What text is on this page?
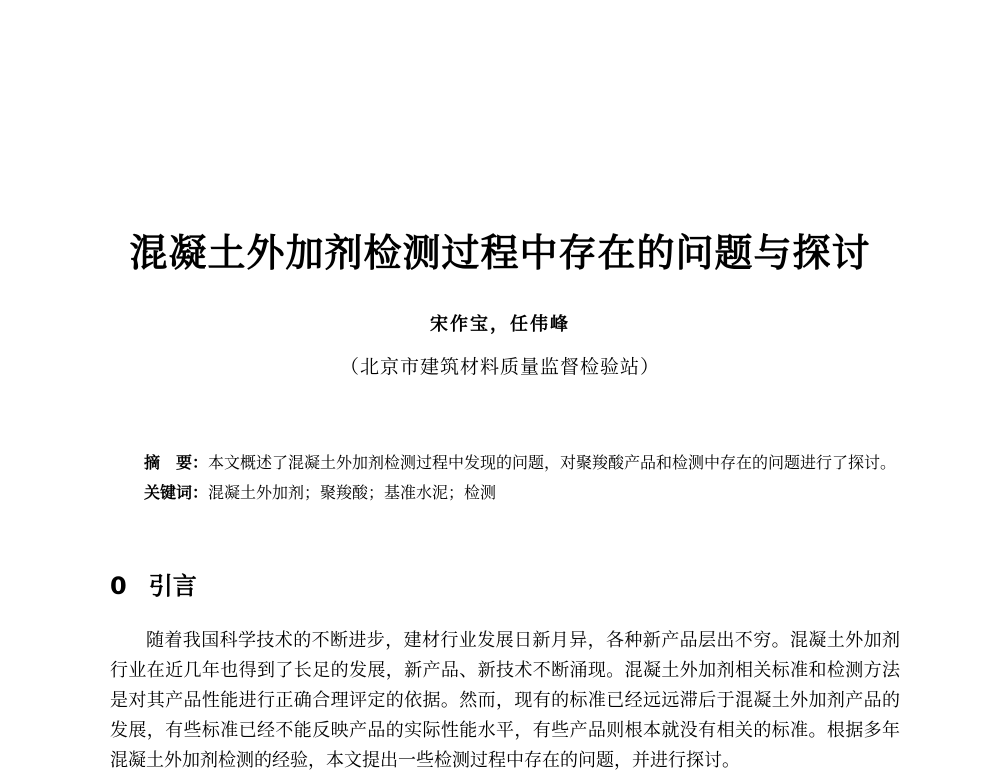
混凝土外加剂检测过程中存在的问题与探讨
宋作宝，任伟峰
（北京市建筑材料质量监督检验站）

摘　要：本文概述了混凝土外加剂检测过程中发现的问题，对聚羧酸产品和检测中存在的问题进行了探讨。

关键词：混凝土外加剂；聚羧酸；基准水泥；检测

0 引言

随着我国科学技术的不断进步，建材行业发展日新月异，各种新产品层出不穷。混凝土外加剂行业在近几年也得到了长足的发展，新产品、新技术不断涌现。混凝土外加剂相关标准和检测方法是对其产品性能进行正确合理评定的依据。然而，现有的标准已经远远滞后于混凝土外加剂产品的发展，有些标准已经不能反映产品的实际性能水平，有些产品则根本就没有相关的标准。根据多年混凝土外加剂检测的经验，本文提出一些检测过程中存在的问题，并进行探讨。
